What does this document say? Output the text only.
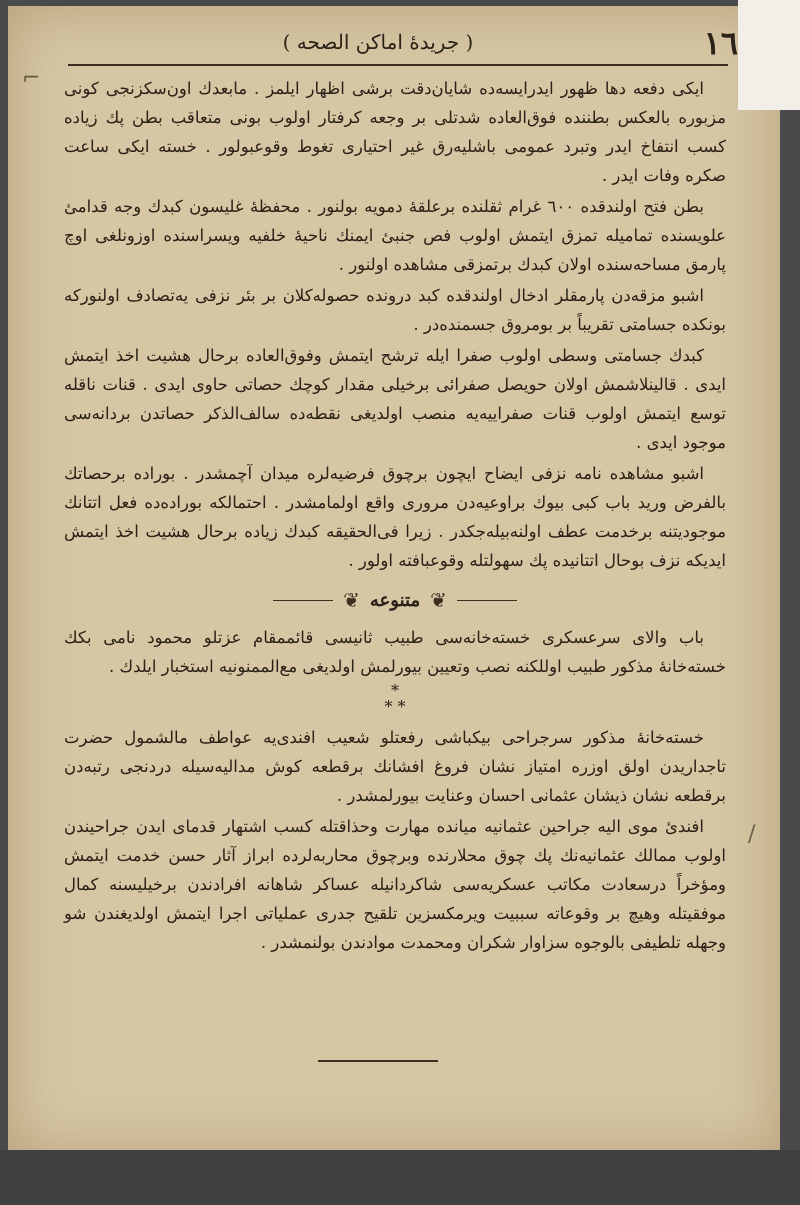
١٦
( جريدۀ اماكن الصحه )
⌐
/

ايكى دفعه دها ظهور ايدرايسه‌ده شايان‌دقت برشى اظهار ايلمز . مابعدك اون‌سكزنجى كونى مزبوره بالعكس بطننده فوق‌العاده شدتلى بر وجعه كرفتار اولوب بونى متعاقب بطن پك زياده كسب انتفاخ ايدر وتبرد عمومى باشليه‌رق غير احتيارى تغوط وقوعبولور . خسته ايكى ساعت صكره وفات ايدر .

بطن فتح اولندقده ٦٠٠ غرام ثقلنده برعلقۀ دمويه بولنور . محفظۀ غليسون كبدك وجه قدامئ علويسنده تماميله تمزق ايتمش اولوب فص جنبئ ايمنك ناحيۀ خلفيه ويسراسنده اوزونلغى اوچ پارمق مساحه‌سنده اولان كبدك برتمزقى مشاهده اولنور .

اشبو مزقه‌دن پارمقلر ادخال اولندقده كبد درونده حصوله‌كلان بر بئر نزفى يه‌تصادف اولنوركه بونكده جسامتى تقريباً بر بومروق جسمنده‌در .

كبدك جسامتى وسطى اولوب صفرا ايله ترشح ايتمش وفوق‌العاده برحال هشيت اخذ ايتمش ايدى . قالينلاشمش اولان حويصل صفرائى برخيلى مقدار كوچك حصاتى حاوى ايدى . قنات ناقله توسع ايتمش اولوب قنات صفراييه‌يه منصب اولديغى نقطه‌ده سالف‌الذكر حصاتدن بردانه‌سى موجود ايدى .

اشبو مشاهده نامه نزفى ايضاح ايچون برچوق فرضيه‌لره ميدان آچمشدر . بورادە برحصاتك بالفرض وريد باب كبى بيوك براوعيه‌دن مرورى واقع اولمامشدر . احتمالكه بورادەده فعل اتتانك موجوديتنه برخدمت عطف اولنه‌بيله‌جكدر . زيرا فى‌الحقيقه كبدك زياده برحال هشيت اخذ ايتمش ايديكه نزف بوحال اتتانيده پك سهولتله وقوعبافته اولور .

❦
متنوعه
❦

باب والاى سرعسكرى خسته‌خانه‌سى طبيب ثانيسى قائممقام عزتلو محمود نامى بكك خسته‌خانۀ مذكور طبيب اوللكنه نصب وتعيين بيورلمش اولديغى مع‌الممنونيه استخبار ايلدك .

*
* *

خسته‌خانۀ مذكور سرجراحى بيكباشى رفعتلو شعيب افندى‌يه عواطف مالشمول حضرت تاجداريدن اولق اوزره امتياز نشان فروغ افشانك برقطعه كوش مداليه‌سيله دردنجى رتبه‌دن برقطعه نشان ذيشان عثمانى احسان وعنايت بيورلمشدر .

افندئ موى اليه جراحين عثمانيه ميانده مهارت وحذاقتله كسب اشتهار قدماى ايدن جراحيندن اولوب ممالك عثمانيه‌نك پك چوق محلارنده وبرچوق محاربه‌لرده ابراز آثار حسن خدمت ايتمش ومؤخراً درسعادت مكاتب عسكريه‌سى شاكردانيله عساكر شاهانه افرادندن برخيليسنه كمال موفقيتله وهيچ بر وقوعاته سببيت ويرمكسزين تلقيح جدرى عملياتى اجرا ايتمش اولديغندن شو وجهله تلطيفى بالوجوه سزاوار شكران ومحمدت موادندن بولنمشدر .
